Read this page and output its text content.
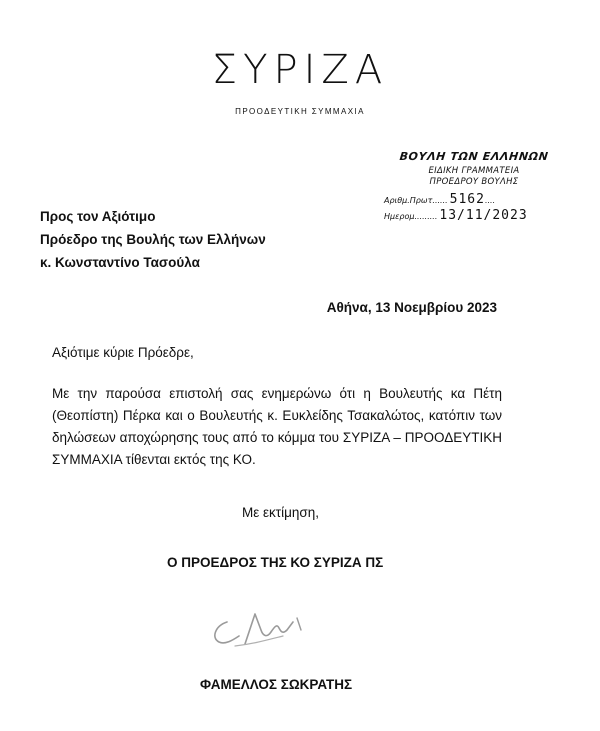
ΣΥΡΙΖΑ
ΠΡΟΟΔΕΥΤΙΚΗ ΣΥΜΜΑΧΙΑ
ΒΟΥΛΗ ΤΩΝ ΕΛΛΗΝΩΝ
ΕΙΔΙΚΗ ΓΡΑΜΜΑΤΕΙΑ
ΠΡΟΕΔΡΟΥ ΒΟΥΛΗΣ
Αριθμ.Πρωτ...... 5162....
Ημερομ......... 13/11/2023
Προς τον Αξιότιμο
Πρόεδρο της Βουλής των Ελλήνων
κ. Κωνσταντίνο Τασούλα
Αθήνα, 13 Νοεμβρίου 2023
Αξιότιμε κύριε Πρόεδρε,
Με την παρούσα επιστολή σας ενημερώνω ότι η Βουλευτής κα Πέτη (Θεοπίστη) Πέρκα και ο Βουλευτής κ. Ευκλείδης Τσακαλώτος, κατόπιν των δηλώσεων αποχώρησης τους από το κόμμα του ΣΥΡΙΖΑ – ΠΡΟΟΔΕΥΤΙΚΗ ΣΥΜΜΑΧΙΑ τίθενται εκτός της ΚΟ.
Με εκτίμηση,
Ο ΠΡΟΕΔΡΟΣ ΤΗΣ ΚΟ ΣΥΡΙΖΑ ΠΣ
ΦΑΜΕΛΛΟΣ ΣΩΚΡΑΤΗΣ
